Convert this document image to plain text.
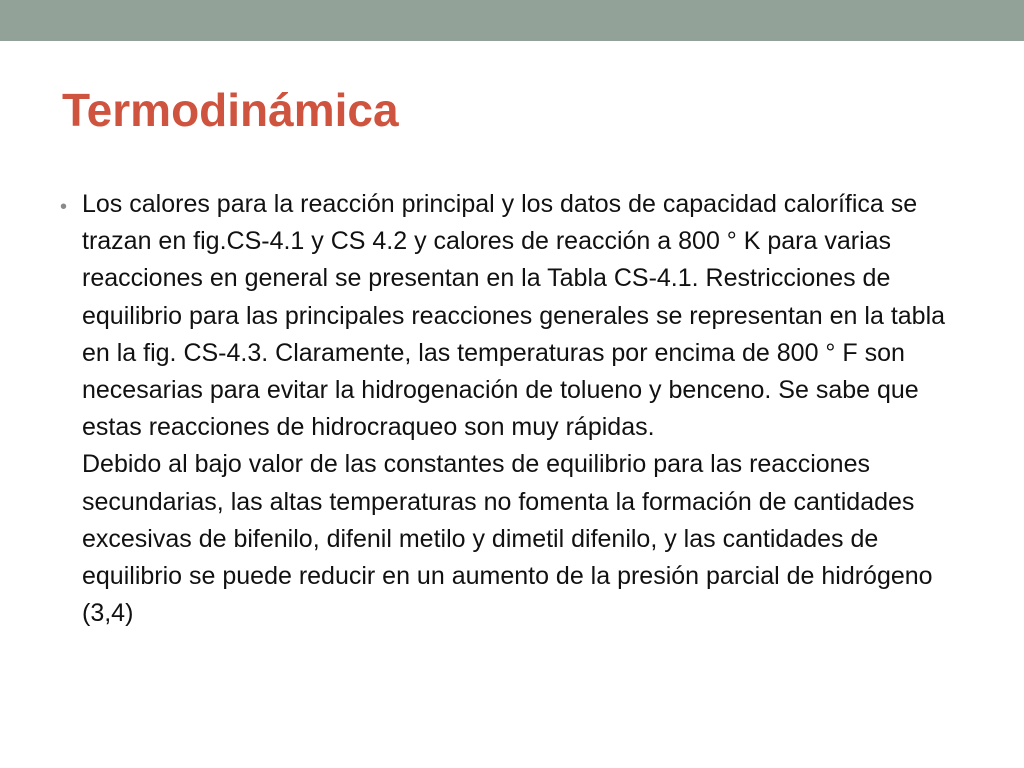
Termodinámica
• Los calores para la reacción principal y los datos de capacidad calorífica se trazan en fig.CS-4.1 y CS 4.2 y calores de reacción a 800 ° K para varias reacciones en general se presentan en la Tabla CS-4.1. Restricciones de equilibrio para las principales reacciones generales se representan en la tabla en la fig. CS-4.3. Claramente, las temperaturas por encima de 800 ° F son necesarias para evitar la hidrogenación de tolueno y benceno. Se sabe que estas reacciones de hidrocraqueo son muy rápidas.

Debido al bajo valor de las constantes de equilibrio para las reacciones secundarias, las altas temperaturas no fomenta la formación de cantidades excesivas de bifenilo, difenil metilo y dimetil difenilo, y las cantidades de equilibrio se puede reducir en un aumento de la presión parcial de hidrógeno (3,4)
